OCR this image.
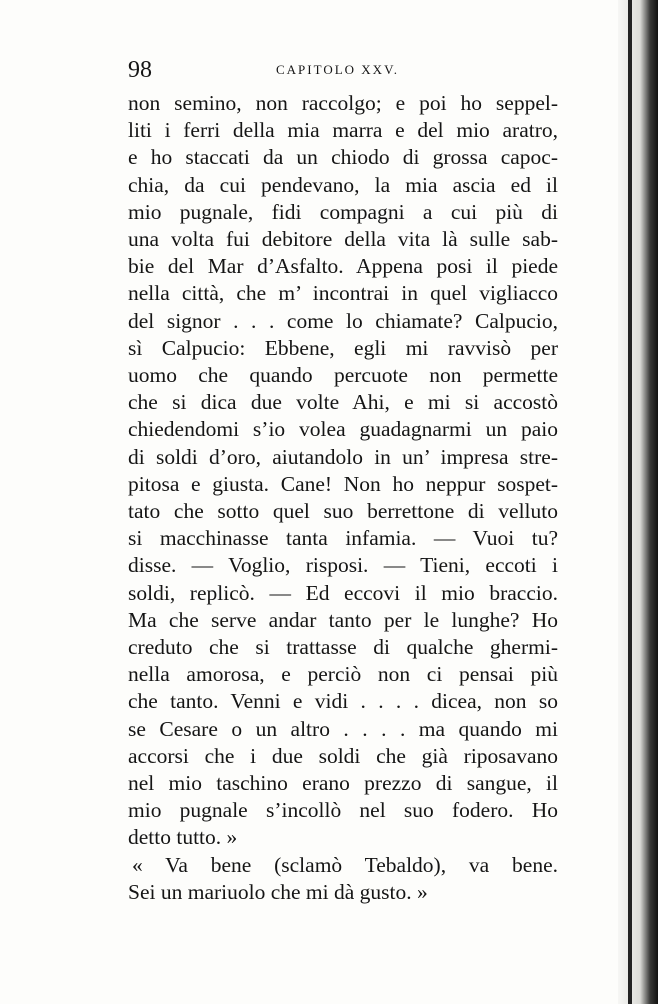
98	CAPITOLO XXV.
non semino, non raccolgo; e poi ho seppel-
liti i ferri della mia marra e del mio aratro,
e ho staccati da un chiodo di grossa capoc-
chia, da cui pendevano, la mia ascia ed il
mio pugnale, fidi compagni a cui più di
una volta fui debitore della vita là sulle sab-
bie del Mar d’Asfalto. Appena posi il piede
nella città, che m’ incontrai in quel vigliacco
del signor . . . come lo chiamate? Calpucio,
sì Calpucio: Ebbene, egli mi ravvisò per
uomo che quando percuote non permette
che si dica due volte Ahi, e mi si accostò
chiedendomi s’io volea guadagnarmi un paio
di soldi d’oro, aiutandolo in un’ impresa stre-
pitosa e giusta. Cane! Non ho neppur sospet-
tato che sotto quel suo berrettone di velluto
si macchinasse tanta infamia. — Vuoi tu?
disse. — Voglio, risposi. — Tieni, eccoti i
soldi, replicò. — Ed eccovi il mio braccio.
Ma che serve andar tanto per le lunghe? Ho
creduto che si trattasse di qualche ghermi-
nella amorosa, e perciò non ci pensai più
che tanto. Venni e vidi . . . . dicea, non so
se Cesare o un altro . . . . ma quando mi
accorsi che i due soldi che già riposavano
nel mio taschino erano prezzo di sangue, il
mio pugnale s’incollò nel suo fodero. Ho
detto tutto. »
« Va bene (sclamò Tebaldo), va bene.
Sei un mariuolo che mi dà gusto. »
